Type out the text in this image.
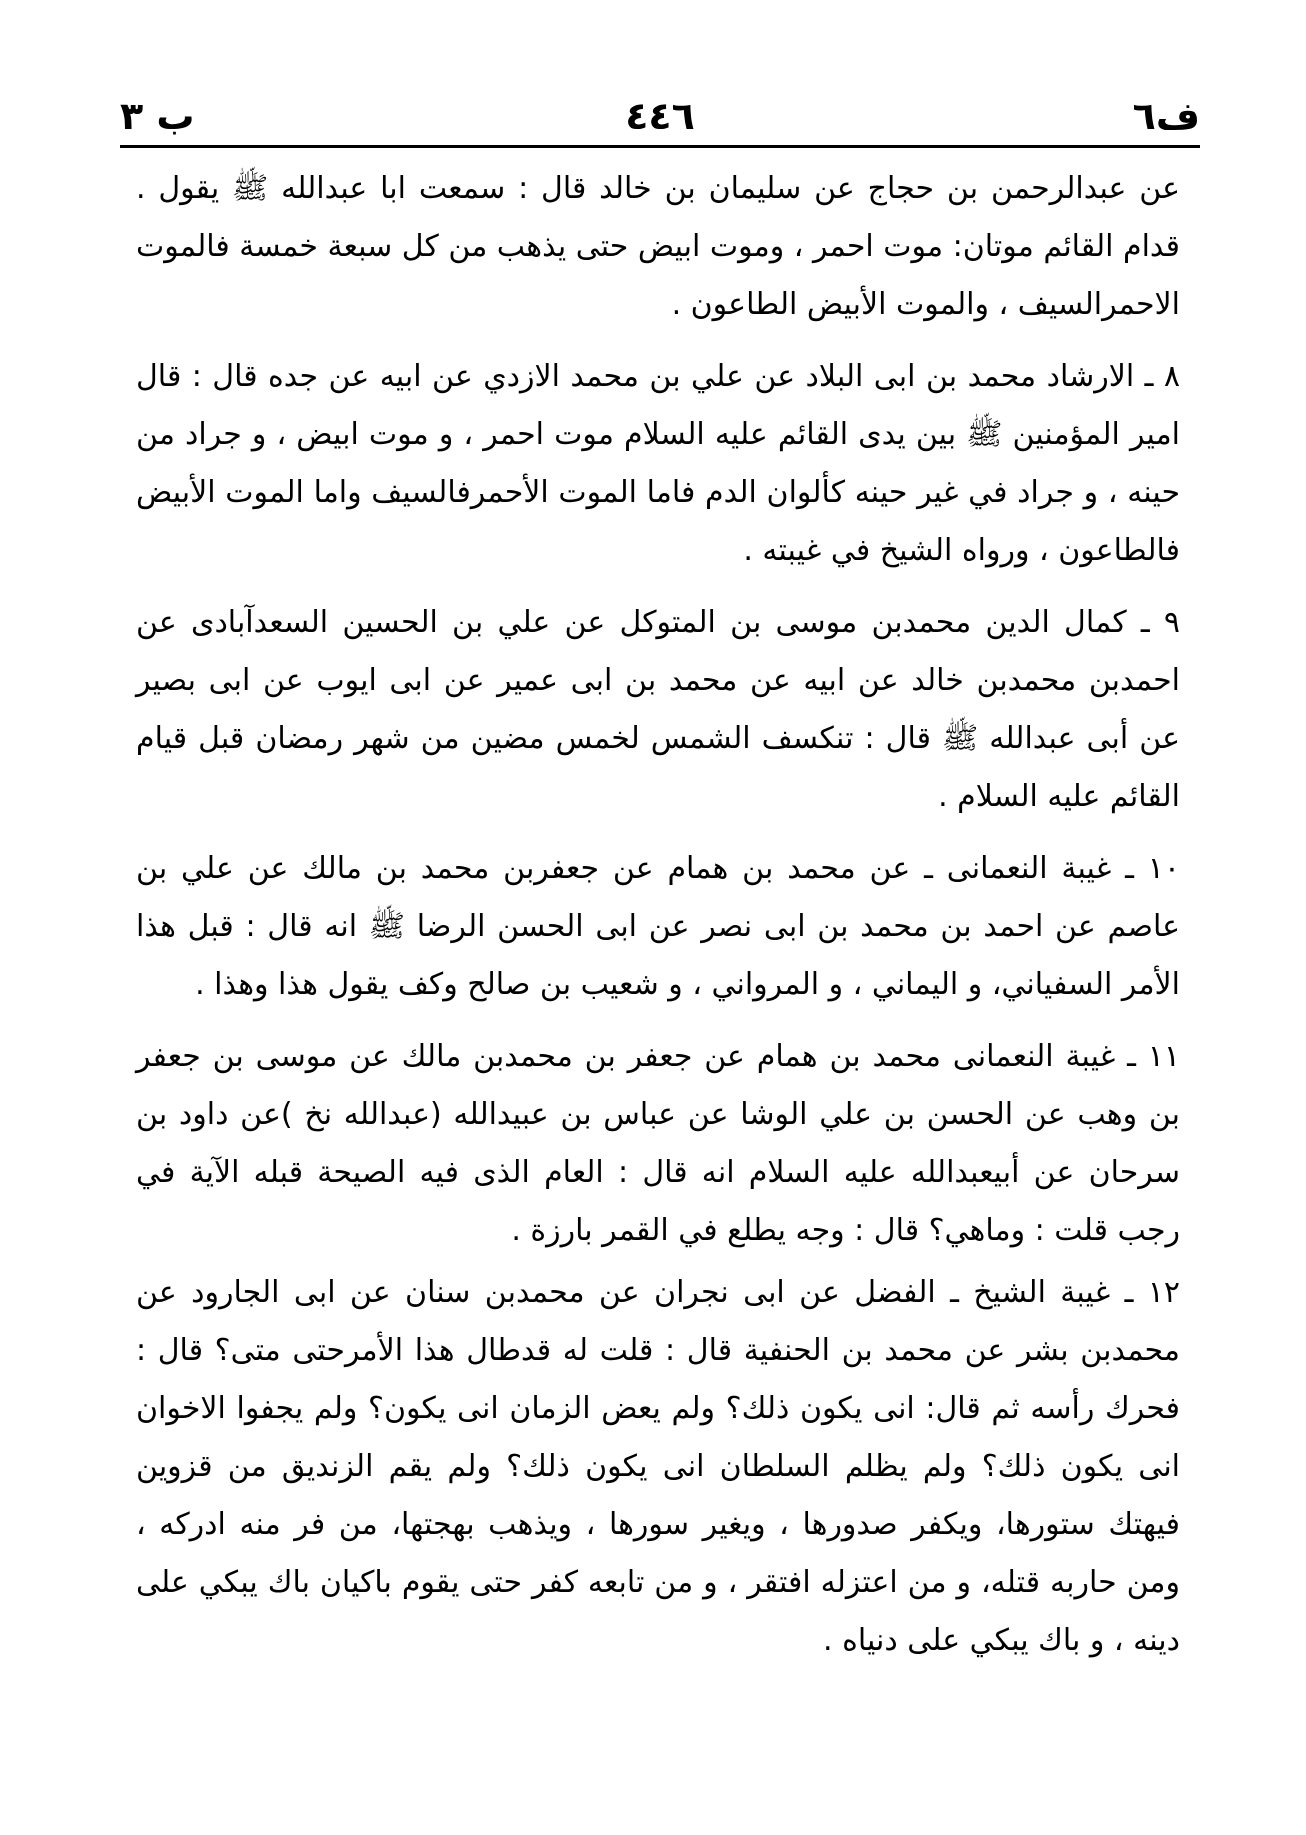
ف٦
٤٤٦
ب ٣

عن عبدالرحمن بن حجاج عن سليمان بن خالد قال : سمعت ابا عبدالله ﷺ يقول . قدام القائم موتان: موت احمر ، وموت ابيض حتى يذهب من كل سبعة خمسة فالموت الاحمرالسيف ، والموت الأبيض الطاعون .

٨ ـ الارشاد محمد بن ابى البلاد عن علي بن محمد الازدي عن ابيه عن جده قال : قال امير المؤمنين ﷺ بين يدى القائم عليه السلام موت احمر ، و موت ابيض ، و جراد من حينه ، و جراد في غير حينه كألوان الدم فاما الموت الأحمرفالسيف واما الموت الأبيض فالطاعون ، ورواه الشيخ في غيبته .

٩ ـ كمال الدين محمدبن موسى بن المتوكل عن علي بن الحسين السعدآبادى عن احمدبن محمدبن خالد عن ابيه عن محمد بن ابى عمير عن ابى ايوب عن ابى بصير عن أبى عبدالله ﷺ قال : تنكسف الشمس لخمس مضين من شهر رمضان قبل قيام القائم عليه السلام .

١٠ ـ غيبة النعمانى ـ عن محمد بن همام عن جعفربن محمد بن مالك عن علي بن عاصم عن احمد بن محمد بن ابى نصر عن ابى الحسن الرضا ﷺ انه قال : قبل هذا الأمر السفياني، و اليماني ، و المرواني ، و شعيب بن صالح وكف يقول هذا وهذا .

١١ ـ غيبة النعمانى محمد بن همام عن جعفر بن محمدبن مالك عن موسى بن جعفر بن وهب عن الحسن بن علي الوشا عن عباس بن عبيدالله (عبدالله نخ )عن داود بن سرحان عن أبيعبدالله عليه السلام انه قال : العام الذى فيه الصيحة قبله الآية في رجب قلت : وماهي؟ قال : وجه يطلع في القمر بارزة .

١٢ ـ غيبة الشيخ ـ الفضل عن ابى نجران عن محمدبن سنان عن ابى الجارود عن محمدبن بشر عن محمد بن الحنفية قال : قلت له قدطال هذا الأمرحتى متى؟ قال : فحرك رأسه ثم قال: انى يكون ذلك؟ ولم يعض الزمان انى يكون؟ ولم يجفوا الاخوان انى يكون ذلك؟ ولم يظلم السلطان انى يكون ذلك؟ ولم يقم الزنديق من قزوين فيهتك ستورها، ويكفر صدورها ، ويغير سورها ، ويذهب بهجتها، من فر منه ادركه ، ومن حاربه قتله، و من اعتزله افتقر ، و من تابعه كفر حتى يقوم باكيان باك يبكي على دينه ، و باك يبكي على دنياه .
